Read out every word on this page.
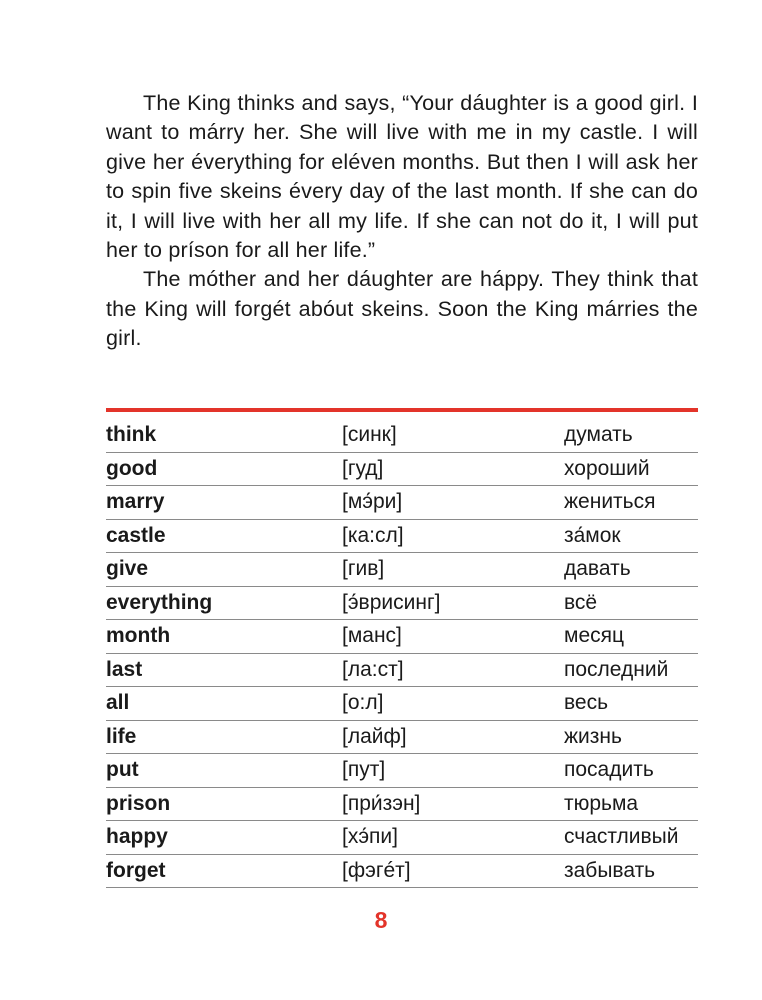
The King thinks and says, “Your dáughter is a good girl. I want to márry her. She will live with me in my castle. I will give her éverything for eléven months. But then I will ask her to spin five skeins évery day of the last month. If she can do it, I will live with her all my life. If she can not do it, I will put her to príson for all her life.”

The móther and her dáughter are háppy. They think that the King will forgét abóut skeins. Soon the King márries the girl.

think	[синк]	думать
good	[гуд]	хороший
marry	[мэ́ри]	жениться
castle	[ка:сл]	за́мок
give	[гив]	давать
everything	[э́врисинг]	всё
month	[манс]	месяц
last	[ла:ст]	последний
all	[о:л]	весь
life	[лайф]	жизнь
put	[пут]	посадить
prison	[при́зэн]	тюрьма
happy	[хэ́пи]	счастливый
forget	[фэгéт]	забывать
8
